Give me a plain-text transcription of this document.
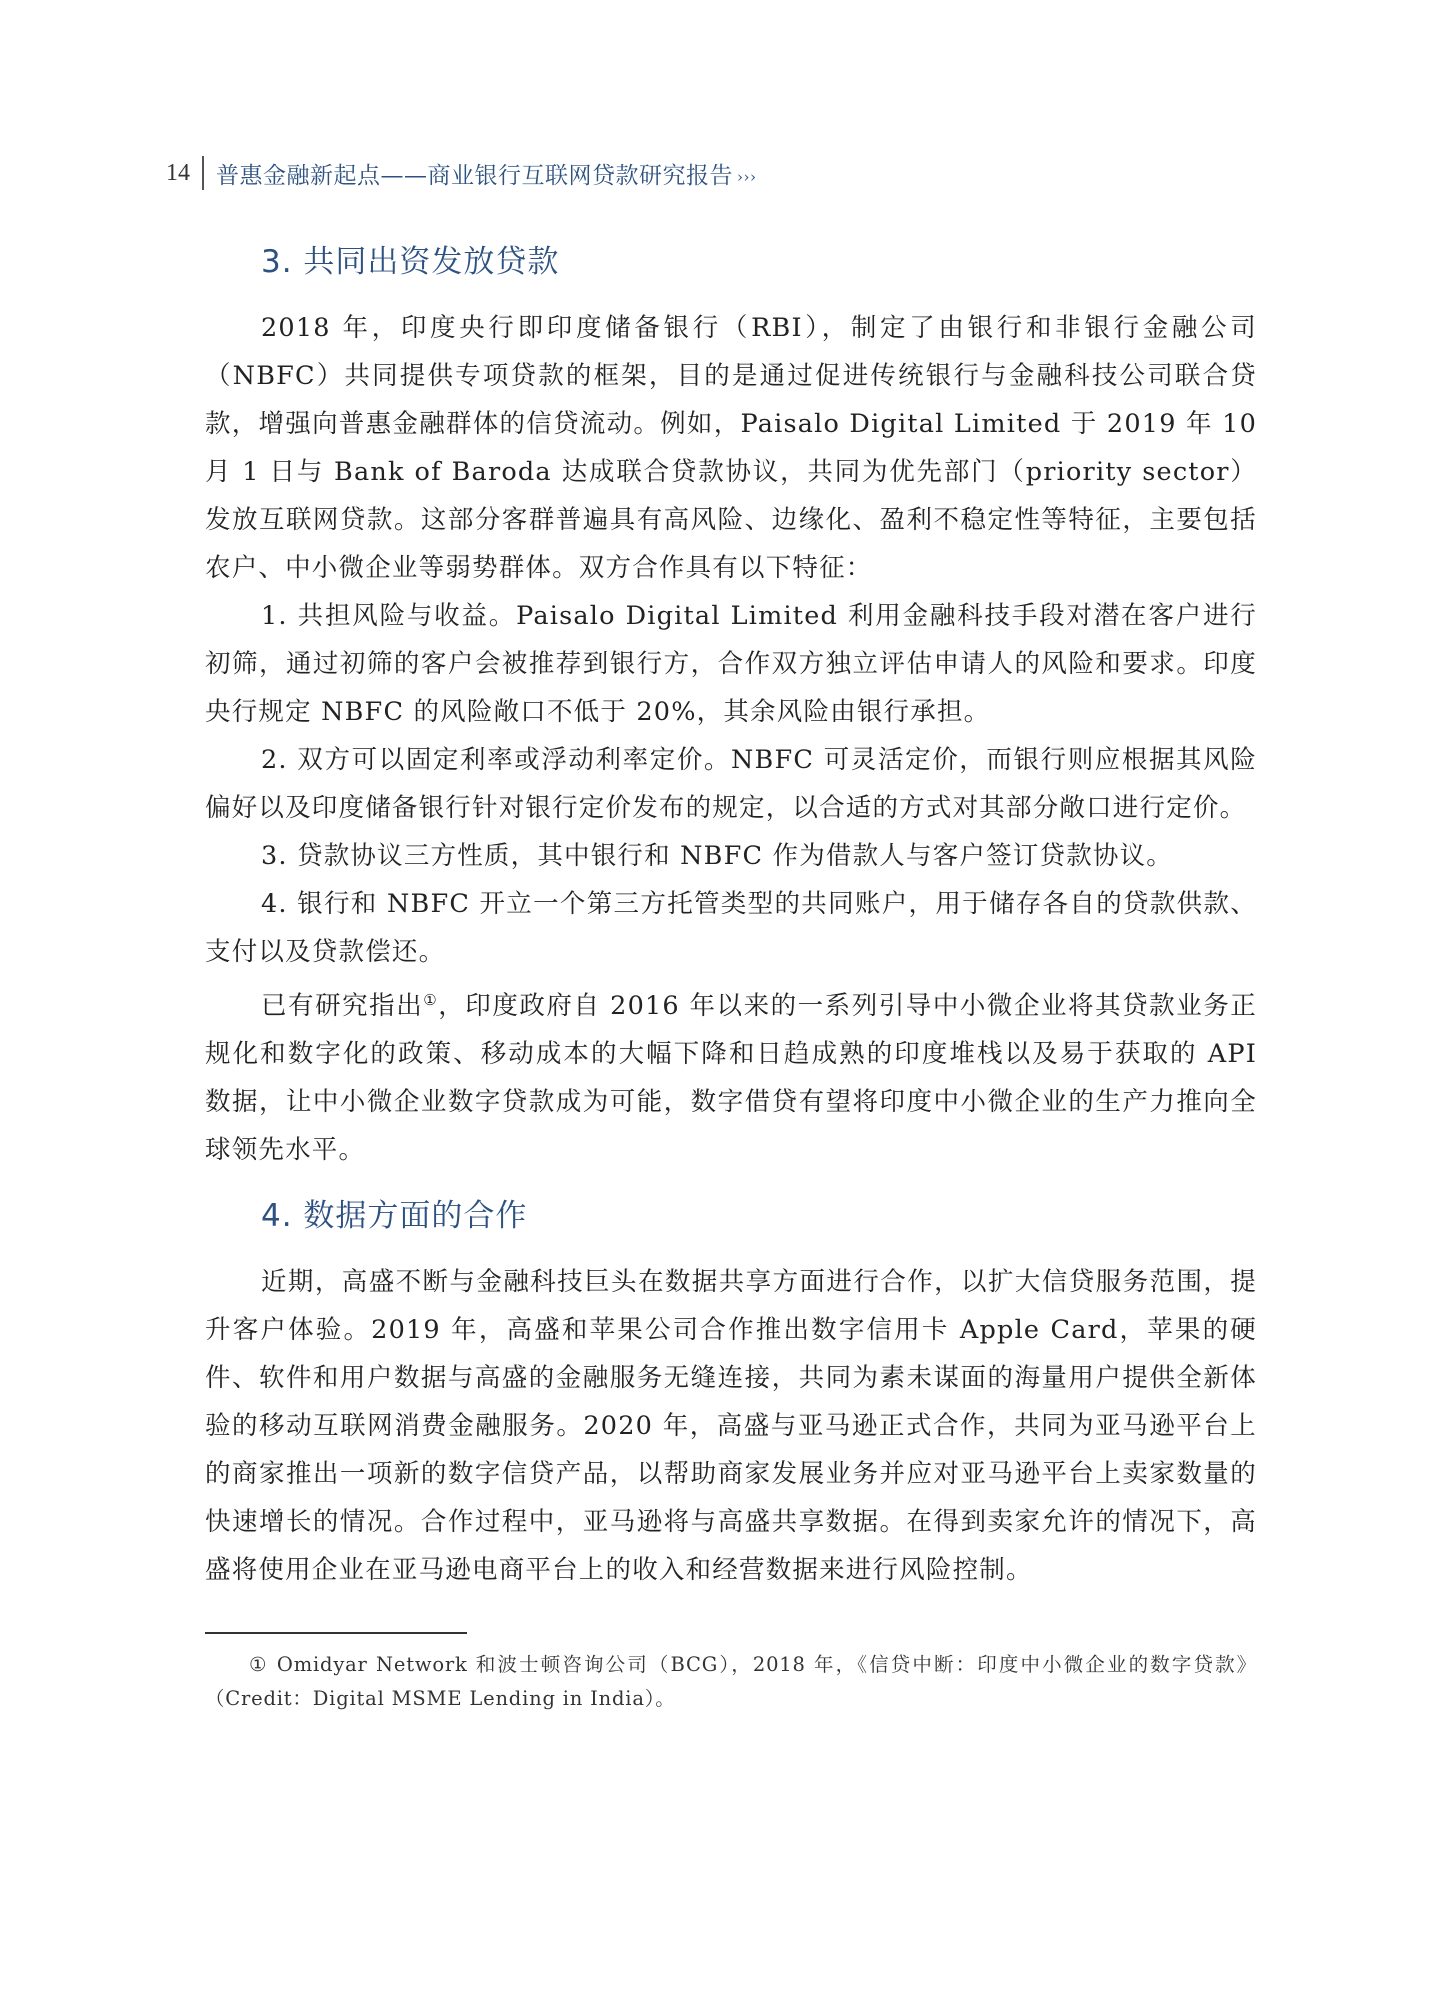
14	普惠金融新起点——商业银行互联网贷款研究报告 ›››
3. 共同出资发放贷款

2018 年，印度央行即印度储备银行（RBI），制定了由银行和非银行金融公司（NBFC）共同提供专项贷款的框架，目的是通过促进传统银行与金融科技公司联合贷款，增强向普惠金融群体的信贷流动。例如，Paisalo Digital Limited 于 2019 年 10 月 1 日与 Bank of Baroda 达成联合贷款协议，共同为优先部门（priority sector）发放互联网贷款。这部分客群普遍具有高风险、边缘化、盈利不稳定性等特征，主要包括农户、中小微企业等弱势群体。双方合作具有以下特征：

1. 共担风险与收益。Paisalo Digital Limited 利用金融科技手段对潜在客户进行初筛，通过初筛的客户会被推荐到银行方，合作双方独立评估申请人的风险和要求。印度央行规定 NBFC 的风险敞口不低于 20%，其余风险由银行承担。

2. 双方可以固定利率或浮动利率定价。NBFC 可灵活定价，而银行则应根据其风险偏好以及印度储备银行针对银行定价发布的规定，以合适的方式对其部分敞口进行定价。

3. 贷款协议三方性质，其中银行和 NBFC 作为借款人与客户签订贷款协议。

4. 银行和 NBFC 开立一个第三方托管类型的共同账户，用于储存各自的贷款供款、支付以及贷款偿还。

已有研究指出①，印度政府自 2016 年以来的一系列引导中小微企业将其贷款业务正规化和数字化的政策、移动成本的大幅下降和日趋成熟的印度堆栈以及易于获取的 API 数据，让中小微企业数字贷款成为可能，数字借贷有望将印度中小微企业的生产力推向全球领先水平。

4. 数据方面的合作

近期，高盛不断与金融科技巨头在数据共享方面进行合作，以扩大信贷服务范围，提升客户体验。2019 年，高盛和苹果公司合作推出数字信用卡 Apple Card，苹果的硬件、软件和用户数据与高盛的金融服务无缝连接，共同为素未谋面的海量用户提供全新体验的移动互联网消费金融服务。2020 年，高盛与亚马逊正式合作，共同为亚马逊平台上的商家推出一项新的数字信贷产品，以帮助商家发展业务并应对亚马逊平台上卖家数量的快速增长的情况。合作过程中，亚马逊将与高盛共享数据。在得到卖家允许的情况下，高盛将使用企业在亚马逊电商平台上的收入和经营数据来进行风险控制。

① Omidyar Network 和波士顿咨询公司（BCG），2018 年，《信贷中断：印度中小微企业的数字贷款》（Credit：Digital MSME Lending in India）。
